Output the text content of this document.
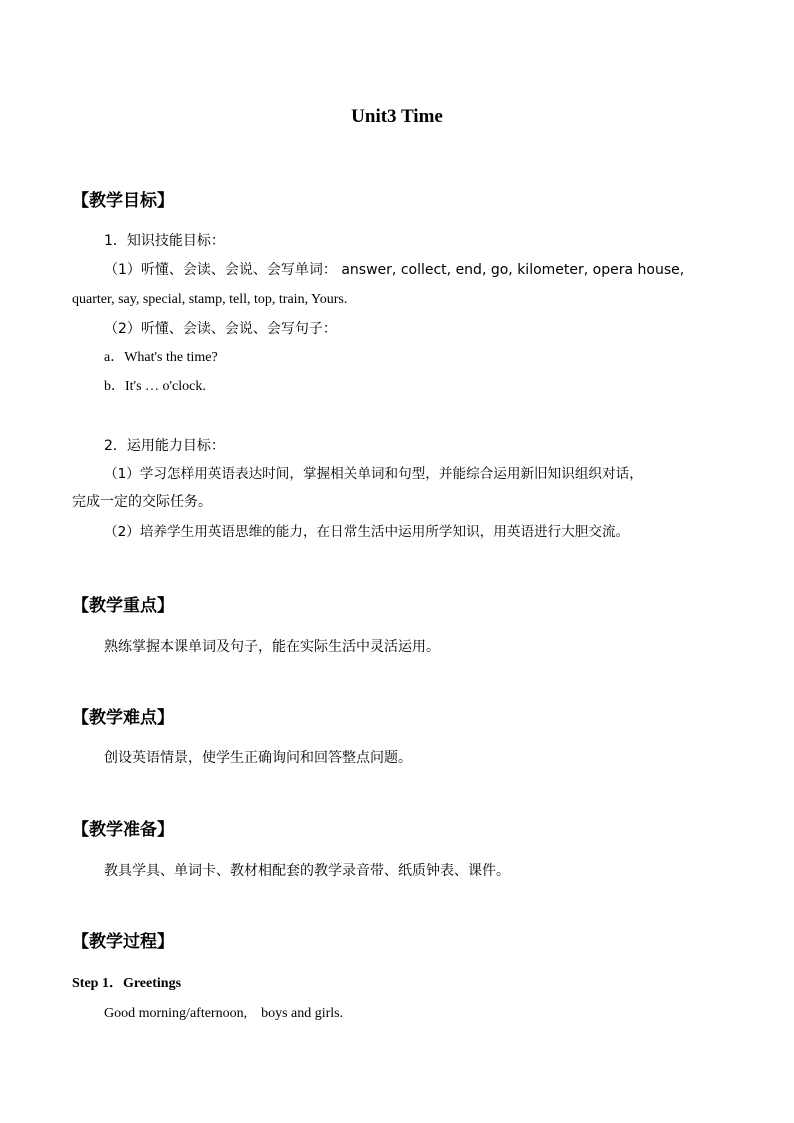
Unit3 Time
【教学目标】
1．知识技能目标：
（1）听懂、会读、会说、会写单词： answer, collect, end, go, kilometer, opera house,
quarter, say, special, stamp, tell, top, train, Yours.
（2）听懂、会读、会说、会写句子：
a．What's the time?
b．It's … o'clock.
2．运用能力目标：
（1）学习怎样用英语表达时间，掌握相关单词和句型，并能综合运用新旧知识组织对话，
完成一定的交际任务。
（2）培养学生用英语思维的能力，在日常生活中运用所学知识，用英语进行大胆交流。
【教学重点】
熟练掌握本课单词及句子，能在实际生活中灵活运用。
【教学难点】
创设英语情景，使学生正确询问和回答整点问题。
【教学准备】
教具学具、单词卡、教材相配套的教学录音带、纸质钟表、课件。
【教学过程】
Step 1．Greetings
Good morning/afternoon,    boys and girls.
